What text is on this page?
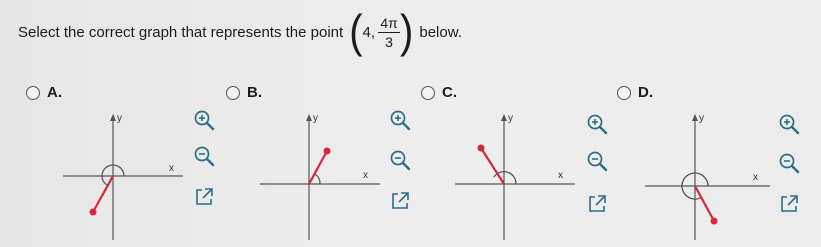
Select the correct graph that represents the point ( 4, $\frac{4\pi}{3}$ ) below.
A.
y
x
B.
y
x
C.
y
x
D.
y
x
